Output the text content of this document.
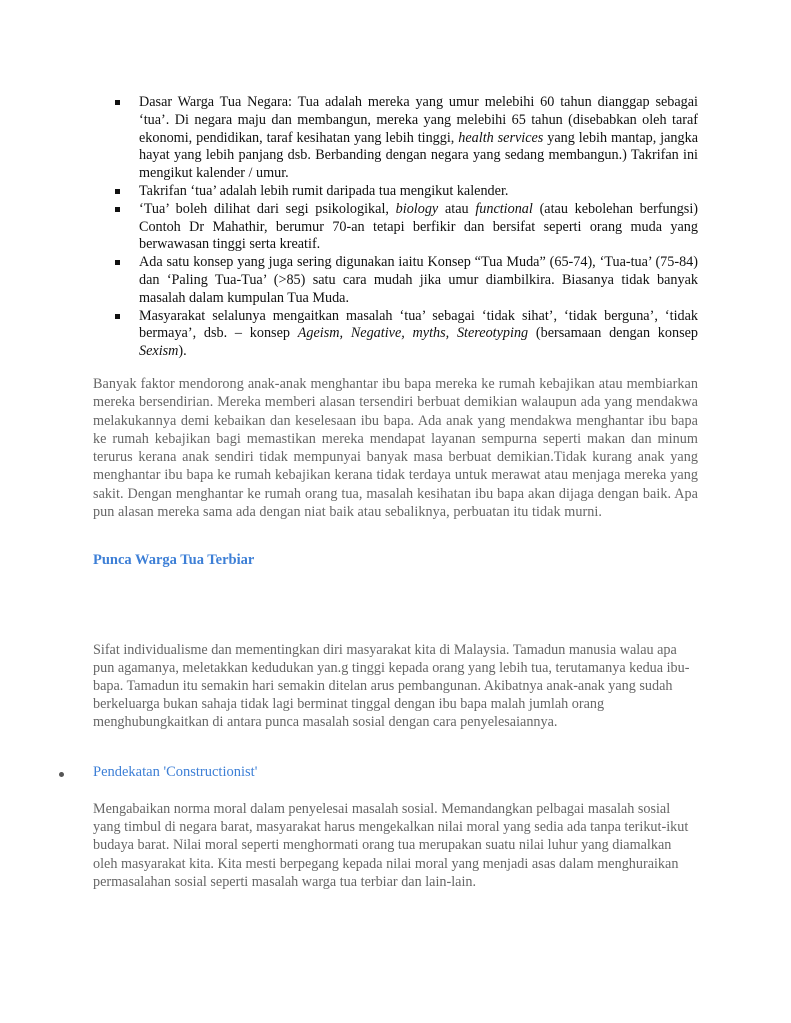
Dasar Warga Tua Negara: Tua adalah mereka yang umur melebihi 60 tahun dianggap sebagai ‘tua’. Di negara maju dan membangun, mereka yang melebihi 65 tahun (disebabkan oleh taraf ekonomi, pendidikan, taraf kesihatan yang lebih tinggi, health services yang lebih mantap, jangka hayat yang lebih panjang dsb. Berbanding dengan negara yang sedang membangun.) Takrifan ini mengikut kalender / umur.
Takrifan ‘tua’ adalah lebih rumit daripada tua mengikut kalender.
‘Tua’ boleh dilihat dari segi psikologikal, biology atau functional (atau kebolehan berfungsi) Contoh Dr Mahathir, berumur 70-an tetapi berfikir dan bersifat seperti orang muda yang berwawasan tinggi serta kreatif.
Ada satu konsep yang juga sering digunakan iaitu Konsep “Tua Muda” (65-74), ‘Tua-tua’ (75-84) dan ‘Paling Tua-Tua’ (>85) satu cara mudah jika umur diambilkira. Biasanya tidak banyak masalah dalam kumpulan Tua Muda.
Masyarakat selalunya mengaitkan masalah ‘tua’ sebagai ‘tidak sihat’, ‘tidak berguna’, ‘tidak bermaya’, dsb. – konsep Ageism, Negative, myths, Stereotyping (bersamaan dengan konsep Sexism).

Banyak faktor mendorong anak-anak menghantar ibu bapa mereka ke rumah kebajikan atau membiarkan mereka bersendirian. Mereka memberi alasan tersendiri berbuat demikian walaupun ada yang mendakwa melakukannya demi kebaikan dan keselesaan ibu bapa. Ada anak yang mendakwa menghantar ibu bapa ke rumah kebajikan bagi memastikan mereka mendapat layanan sempurna seperti makan dan minum terurus kerana anak sendiri tidak mempunyai banyak masa berbuat demikian.Tidak kurang anak yang menghantar ibu bapa ke rumah kebajikan kerana tidak terdaya untuk merawat atau menjaga mereka yang sakit. Dengan menghantar ke rumah orang tua, masalah kesihatan ibu bapa akan dijaga dengan baik. Apa pun alasan mereka sama ada dengan niat baik atau sebaliknya, perbuatan itu tidak murni.

Punca Warga Tua Terbiar

Sifat individualisme dan mementingkan diri masyarakat kita di Malaysia. Tamadun manusia walau apa pun agamanya, meletakkan kedudukan yan.g tinggi kepada orang yang lebih tua, terutamanya kedua ibu-bapa. Tamadun itu semakin hari semakin ditelan arus pembangunan. Akibatnya anak-anak yang sudah berkeluarga bukan sahaja tidak lagi berminat tinggal dengan ibu bapa malah jumlah orang menghubungkaitkan di antara punca masalah sosial dengan cara penyelesaiannya.

Pendekatan 'Constructionist'

Mengabaikan norma moral dalam penyelesai masalah sosial. Memandangkan pelbagai masalah sosial yang timbul di negara barat, masyarakat harus mengekalkan nilai moral yang sedia ada tanpa terikut-ikut budaya barat. Nilai moral seperti menghormati orang tua merupakan suatu nilai luhur yang diamalkan oleh masyarakat kita. Kita mesti berpegang kepada nilai moral yang menjadi asas dalam menghuraikan permasalahan sosial seperti masalah warga tua terbiar dan lain-lain.
